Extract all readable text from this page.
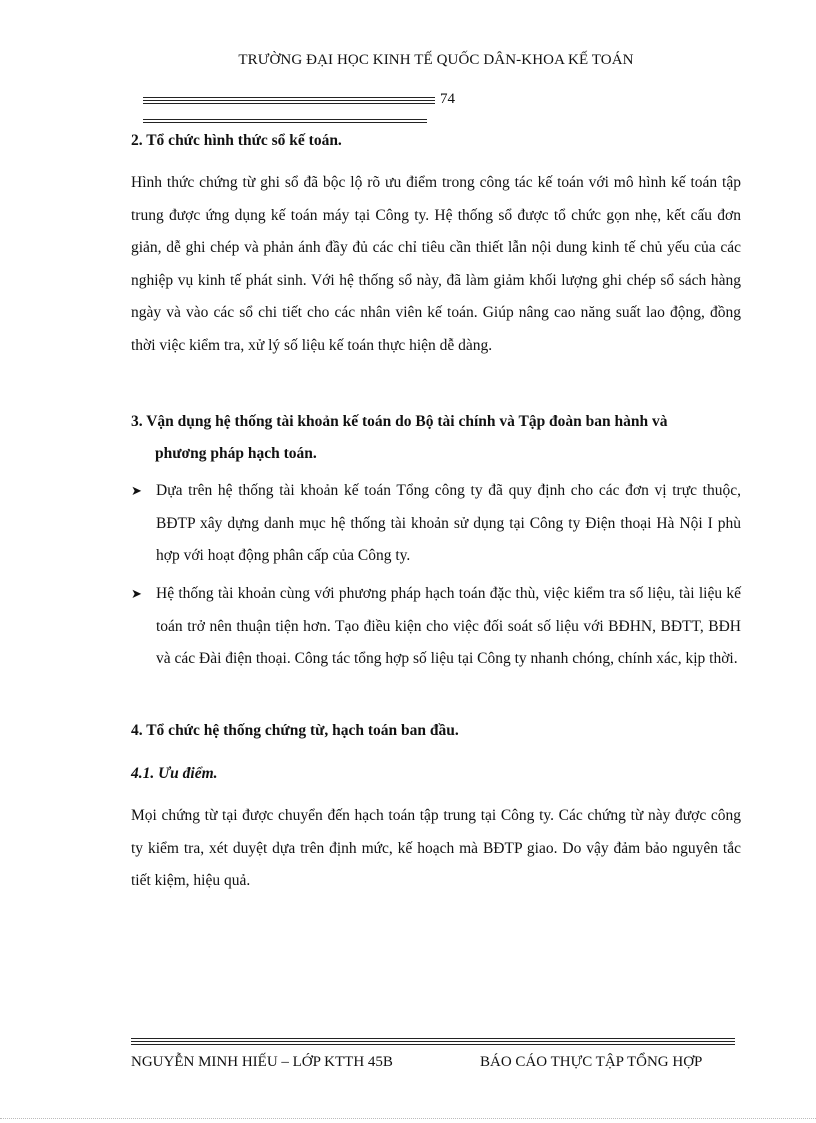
TRƯỜNG ĐẠI HỌC KINH TẾ QUỐC DÂN-KHOA KẾ TOÁN
74
2. Tổ chức hình thức sổ kế toán.
Hình thức chứng từ ghi sổ đã bộc lộ rõ ưu điểm trong công tác kế toán với mô hình kế toán tập trung được ứng dụng kế toán máy tại Công ty. Hệ thống sổ được tổ chức gọn nhẹ, kết cấu đơn giản, dễ ghi chép và phản ánh đầy đủ các chỉ tiêu cần thiết lẫn nội dung kinh tế chủ yếu của các nghiệp vụ kinh tế phát sinh. Với hệ thống sổ này, đã làm giảm khối lượng ghi chép sổ sách hàng ngày và vào các sổ chi tiết cho các nhân viên kế toán. Giúp nâng cao năng suất lao động, đồng thời việc kiểm tra, xử lý số liệu kế toán thực hiện dễ dàng.
3. Vận dụng hệ thống tài khoản kế toán do Bộ tài chính và Tập đoàn ban hành và
phương pháp hạch toán.
➤ Dựa trên hệ thống tài khoản kế toán Tổng công ty đã quy định cho các đơn vị trực thuộc, BĐTP xây dựng danh mục hệ thống tài khoản sử dụng tại Công ty Điện thoại Hà Nội I phù hợp với hoạt động phân cấp của Công ty.
➤ Hệ thống tài khoản cùng với phương pháp hạch toán đặc thù, việc kiểm tra số liệu, tài liệu kế toán trở nên thuận tiện hơn. Tạo điều kiện cho việc đối soát số liệu với BĐHN, BĐTT, BĐH và các Đài điện thoại. Công tác tổng hợp số liệu tại Công ty nhanh chóng, chính xác, kịp thời.
4. Tổ chức hệ thống chứng từ, hạch toán ban đầu.
4.1. Ưu điểm.
Mọi chứng từ tại được chuyển đến hạch toán tập trung tại Công ty. Các chứng từ này được công ty kiểm tra, xét duyệt dựa trên định mức, kế hoạch mà BĐTP giao. Do vậy đảm bảo nguyên tắc tiết kiệm, hiệu quả.
NGUYỄN MINH HIẾU – LỚP KTTH 45B	BÁO CÁO THỰC TẬP TỔNG HỢP
